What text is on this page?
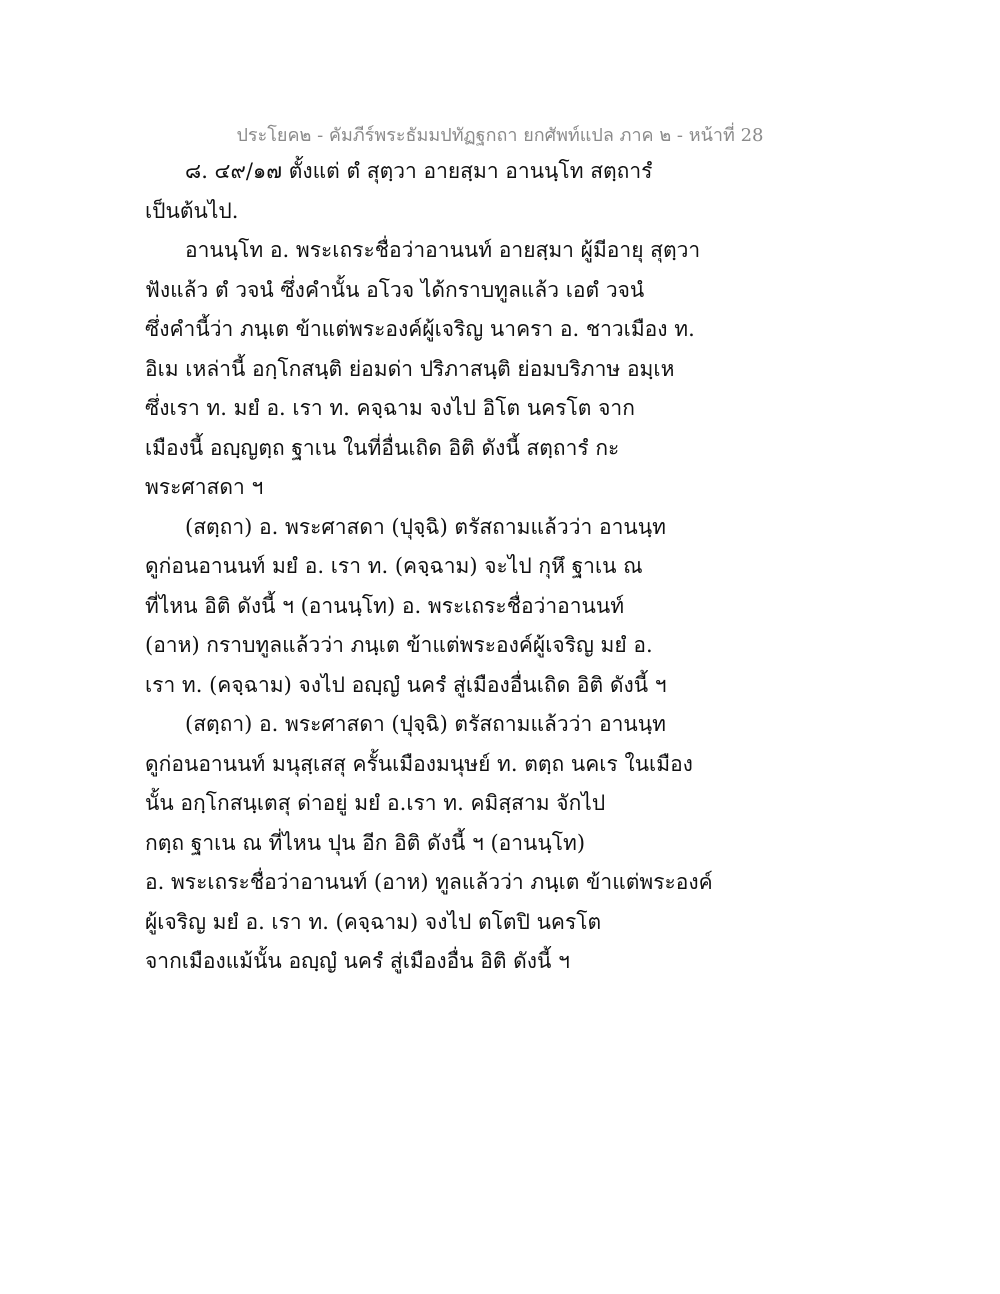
ประโยค๒ - คัมภีร์พระธัมมปทัฏฐกถา ยกศัพท์แปล ภาค ๒ - หน้าที่ 28

๘. ๔๙/๑๗ ตั้งแต่ ตํ สุตฺวา อายสฺมา อานนฺโท สตฺถารํ
เป็นต้นไป.

อานนฺโท อ. พระเถระชื่อว่าอานนท์ อายสฺมา ผู้มีอายุ สุตฺวา
ฟังแล้ว ตํ วจนํ ซึ่งคำนั้น อโวจ ได้กราบทูลแล้ว เอตํ วจนํ
ซึ่งคำนี้ว่า ภนฺเต ข้าแต่พระองค์ผู้เจริญ นาครา อ. ชาวเมือง ท.
อิเม เหล่านี้ อกฺโกสนฺติ ย่อมด่า ปริภาสนฺติ ย่อมบริภาษ อมฺเห
ซึ่งเรา ท. มยํ อ. เรา ท. คจฺฉาม จงไป อิโต นครโต จาก
เมืองนี้ อญฺญตฺถ ฐาเน ในที่อื่นเถิด อิติ ดังนี้ สตฺถารํ กะ
พระศาสดา ฯ

(สตฺถา) อ. พระศาสดา (ปุจฺฉิ) ตรัสถามแล้วว่า อานนฺท
ดูก่อนอานนท์ มยํ อ. เรา ท. (คจฺฉาม) จะไป กุหึ ฐาเน ณ
ที่ไหน อิติ ดังนี้ ฯ (อานนฺโท) อ. พระเถระชื่อว่าอานนท์
(อาห) กราบทูลแล้วว่า ภนฺเต ข้าแต่พระองค์ผู้เจริญ มยํ อ.
เรา ท. (คจฺฉาม) จงไป อญฺญํ นครํ สู่เมืองอื่นเถิด อิติ ดังนี้ ฯ

(สตฺถา) อ. พระศาสดา (ปุจฺฉิ) ตรัสถามแล้วว่า อานนฺท
ดูก่อนอานนท์ มนุสฺเสสุ ครั้นเมืองมนุษย์ ท. ตตฺถ นคเร ในเมือง
นั้น อกฺโกสนฺเตสุ ด่าอยู่ มยํ อ.เรา ท. คมิสฺสาม จักไป
กตฺถ ฐาเน ณ ที่ไหน ปุน อีก อิติ ดังนี้ ฯ (อานนฺโท)
อ. พระเถระชื่อว่าอานนท์ (อาห) ทูลแล้วว่า ภนฺเต ข้าแต่พระองค์
ผู้เจริญ มยํ อ. เรา ท. (คจฺฉาม) จงไป ตโตปิ นครโต
จากเมืองแม้นั้น อญฺญํ นครํ สู่เมืองอื่น อิติ ดังนี้ ฯ
